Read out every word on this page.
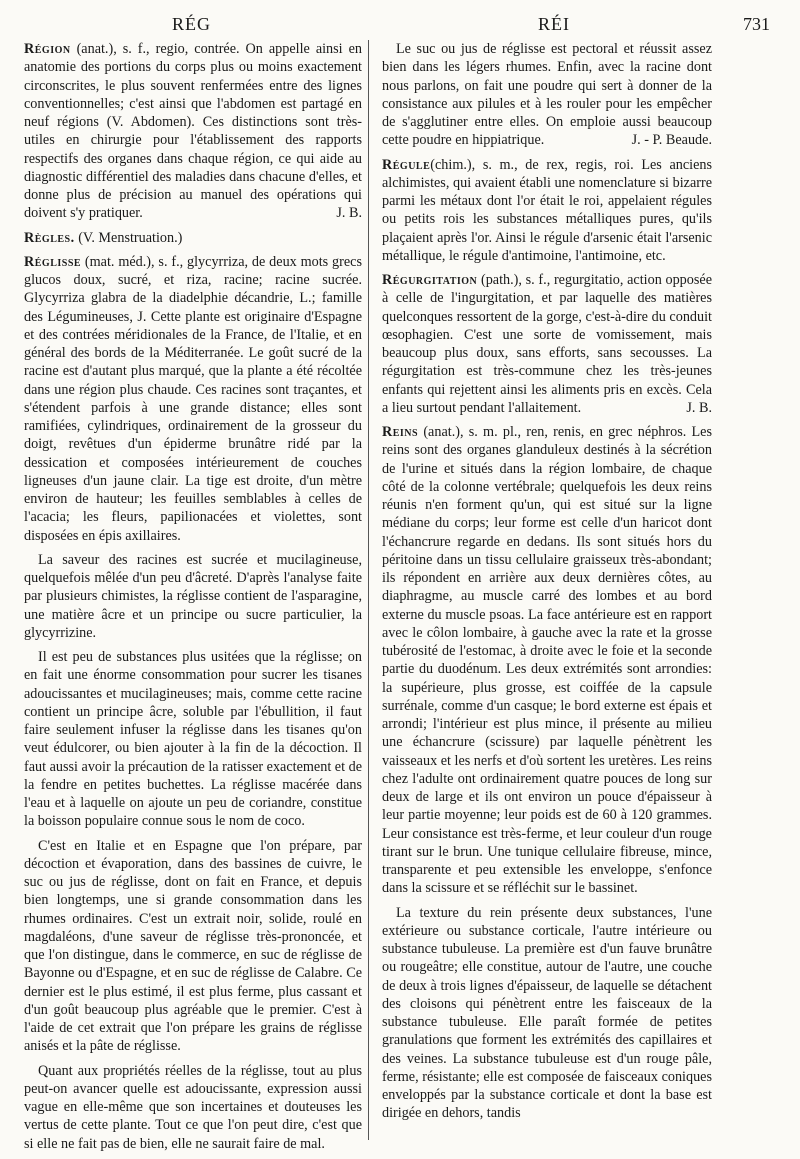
RÉG	RÉI	731

Région (anat.), s. f., regio, contrée. On appelle ainsi en anatomie des portions du corps plus ou moins exactement circonscrites, le plus souvent renfermées entre des lignes conventionnelles; c'est ainsi que l'abdomen est partagé en neuf régions (V. Abdomen). Ces distinctions sont très-utiles en chirurgie pour l'établissement des rapports respectifs des organes dans chaque région, ce qui aide au diagnostic différentiel des maladies dans chacune d'elles, et donne plus de précision au manuel des opérations qui doivent s'y pratiquer.	J. B.

Règles. (V. Menstruation.)

Réglisse (mat. méd.), s. f., glycyrriza, de deux mots grecs glucos doux, sucré, et riza, racine; racine sucrée. Glycyrriza glabra de la diadelphie décandrie, L.; famille des Légumineuses, J. Cette plante est originaire d'Espagne et des contrées méridionales de la France, de l'Italie, et en général des bords de la Méditerranée. Le goût sucré de la racine est d'autant plus marqué, que la plante a été récoltée dans une région plus chaude. Ces racines sont traçantes, et s'étendent parfois à une grande distance; elles sont ramifiées, cylindriques, ordinairement de la grosseur du doigt, revêtues d'un épiderme brunâtre ridé par la dessication et composées intérieurement de couches ligneuses d'un jaune clair. La tige est droite, d'un mètre environ de hauteur; les feuilles semblables à celles de l'acacia; les fleurs, papilionacées et violettes, sont disposées en épis axillaires.

La saveur des racines est sucrée et mucilagineuse, quelquefois mêlée d'un peu d'âcreté. D'après l'analyse faite par plusieurs chimistes, la réglisse contient de l'asparagine, une matière âcre et un principe ou sucre particulier, la glycyrrizine.

Il est peu de substances plus usitées que la réglisse; on en fait une énorme consommation pour sucrer les tisanes adoucissantes et mucilagineuses; mais, comme cette racine contient un principe âcre, soluble par l'ébullition, il faut faire seulement infuser la réglisse dans les tisanes qu'on veut édulcorer, ou bien ajouter à la fin de la décoction. Il faut aussi avoir la précaution de la ratisser exactement et de la fendre en petites buchettes. La réglisse macérée dans l'eau et à laquelle on ajoute un peu de coriandre, constitue la boisson populaire connue sous le nom de coco.

C'est en Italie et en Espagne que l'on prépare, par décoction et évaporation, dans des bassines de cuivre, le suc ou jus de réglisse, dont on fait en France, et depuis bien longtemps, une si grande consommation dans les rhumes ordinaires. C'est un extrait noir, solide, roulé en magdaléons, d'une saveur de réglisse très-prononcée, et que l'on distingue, dans le commerce, en suc de réglisse de Bayonne ou d'Espagne, et en suc de réglisse de Calabre. Ce dernier est le plus estimé, il est plus ferme, plus cassant et d'un goût beaucoup plus agréable que le premier. C'est à l'aide de cet extrait que l'on prépare les grains de réglisse anisés et la pâte de réglisse.

Quant aux propriétés réelles de la réglisse, tout au plus peut-on avancer quelle est adoucissante, expression aussi vague en elle-même que son incertaines et douteuses les vertus de cette plante. Tout ce que l'on peut dire, c'est que si elle ne fait pas de bien, elle ne saurait faire de mal.

Le suc ou jus de réglisse est pectoral et réussit assez bien dans les légers rhumes. Enfin, avec la racine dont nous parlons, on fait une poudre qui sert à donner de la consistance aux pilules et à les rouler pour les empêcher de s'agglutiner entre elles. On emploie aussi beaucoup cette poudre en hippiatrique.	J. - P. Beaude.

Régule(chim.), s. m., de rex, regis, roi. Les anciens alchimistes, qui avaient établi une nomenclature si bizarre parmi les métaux dont l'or était le roi, appelaient régules ou petits rois les substances métalliques pures, qu'ils plaçaient après l'or. Ainsi le régule d'arsenic était l'arsenic métallique, le régule d'antimoine, l'antimoine, etc.

Régurgitation (path.), s. f., regurgitatio, action opposée à celle de l'ingurgitation, et par laquelle des matières quelconques ressortent de la gorge, c'est-à-dire du conduit œsophagien. C'est une sorte de vomissement, mais beaucoup plus doux, sans efforts, sans secousses. La régurgitation est très-commune chez les très-jeunes enfants qui rejettent ainsi les aliments pris en excès. Cela a lieu surtout pendant l'allaitement.	J. B.

Reins (anat.), s. m. pl., ren, renis, en grec néphros. Les reins sont des organes glanduleux destinés à la sécrétion de l'urine et situés dans la région lombaire, de chaque côté de la colonne vertébrale; quelquefois les deux reins réunis n'en forment qu'un, qui est situé sur la ligne médiane du corps; leur forme est celle d'un haricot dont l'échancrure regarde en dedans. Ils sont situés hors du péritoine dans un tissu cellulaire graisseux très-abondant; ils répondent en arrière aux deux dernières côtes, au diaphragme, au muscle carré des lombes et au bord externe du muscle psoas. La face antérieure est en rapport avec le côlon lombaire, à gauche avec la rate et la grosse tubérosité de l'estomac, à droite avec le foie et la seconde partie du duodénum. Les deux extrémités sont arrondies: la supérieure, plus grosse, est coiffée de la capsule surrénale, comme d'un casque; le bord externe est épais et arrondi; l'intérieur est plus mince, il présente au milieu une échancrure (scissure) par laquelle pénètrent les vaisseaux et les nerfs et d'où sortent les uretères. Les reins chez l'adulte ont ordinairement quatre pouces de long sur deux de large et ils ont environ un pouce d'épaisseur à leur partie moyenne; leur poids est de 60 à 120 grammes. Leur consistance est très-ferme, et leur couleur d'un rouge tirant sur le brun. Une tunique cellulaire fibreuse, mince, transparente et peu extensible les enveloppe, s'enfonce dans la scissure et se réfléchit sur le bassinet.

La texture du rein présente deux substances, l'une extérieure ou substance corticale, l'autre intérieure ou substance tubuleuse. La première est d'un fauve brunâtre ou rougeâtre; elle constitue, autour de l'autre, une couche de deux à trois lignes d'épaisseur, de laquelle se détachent des cloisons qui pénètrent entre les faisceaux de la substance tubuleuse. Elle paraît formée de petites granulations que forment les extrémités des capillaires et des veines. La substance tubuleuse est d'un rouge pâle, ferme, résistante; elle est composée de faisceaux coniques enveloppés par la substance corticale et dont la base est dirigée en dehors, tandis
